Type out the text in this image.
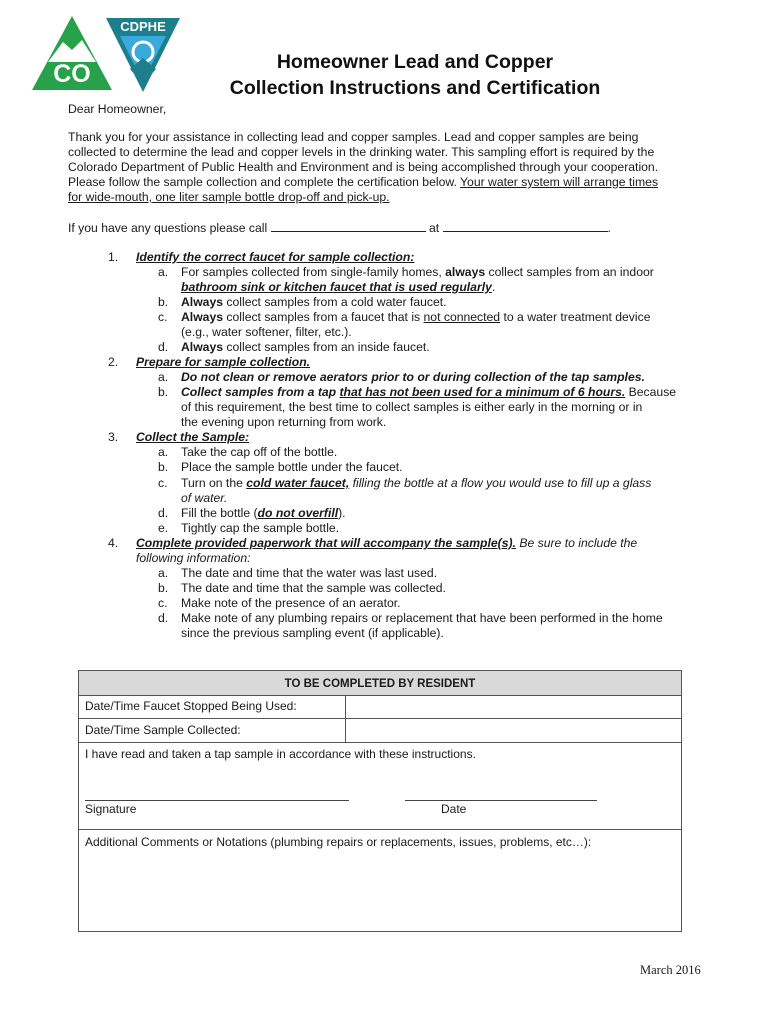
CO
CDPHE
Homeowner Lead and Copper
Collection Instructions and Certification
Dear Homeowner,
Thank you for your assistance in collecting lead and copper samples. Lead and copper samples are being
collected to determine the lead and copper levels in the drinking water. This sampling effort is required by the
Colorado Department of Public Health and Environment and is being accomplished through your cooperation.
Please follow the sample collection and complete the certification below. Your water system will arrange times
for wide-mouth, one liter sample bottle drop-off and pick-up.
If you have any questions please call	at	.
1.	Identify the correct faucet for sample collection:
a.	For samples collected from single-family homes, always collect samples from an indoor
bathroom sink or kitchen faucet that is used regularly.
b.	Always collect samples from a cold water faucet.
c.	Always collect samples from a faucet that is not connected to a water treatment device
(e.g., water softener, filter, etc.).
d.	Always collect samples from an inside faucet.
2.	Prepare for sample collection.
a.	Do not clean or remove aerators prior to or during collection of the tap samples.
b.	Collect samples from a tap that has not been used for a minimum of 6 hours. Because
of this requirement, the best time to collect samples is either early in the morning or in
the evening upon returning from work.
3.	Collect the Sample:
a.	Take the cap off of the bottle.
b.	Place the sample bottle under the faucet.
c.	Turn on the cold water faucet, filling the bottle at a flow you would use to fill up a glass
of water.
d.	Fill the bottle (do not overfill).
e.	Tightly cap the sample bottle.
4.	Complete provided paperwork that will accompany the sample(s). Be sure to include the
following information:
a.	The date and time that the water was last used.
b.	The date and time that the sample was collected.
c.	Make note of the presence of an aerator.
d.	Make note of any plumbing repairs or replacement that have been performed in the home
since the previous sampling event (if applicable).
TO BE COMPLETED BY RESIDENT
Date/Time Faucet Stopped Being Used:
Date/Time Sample Collected:
I have read and taken a tap sample in accordance with these instructions.
Signature	Date
Additional Comments or Notations (plumbing repairs or replacements, issues, problems, etc…):
March 2016
